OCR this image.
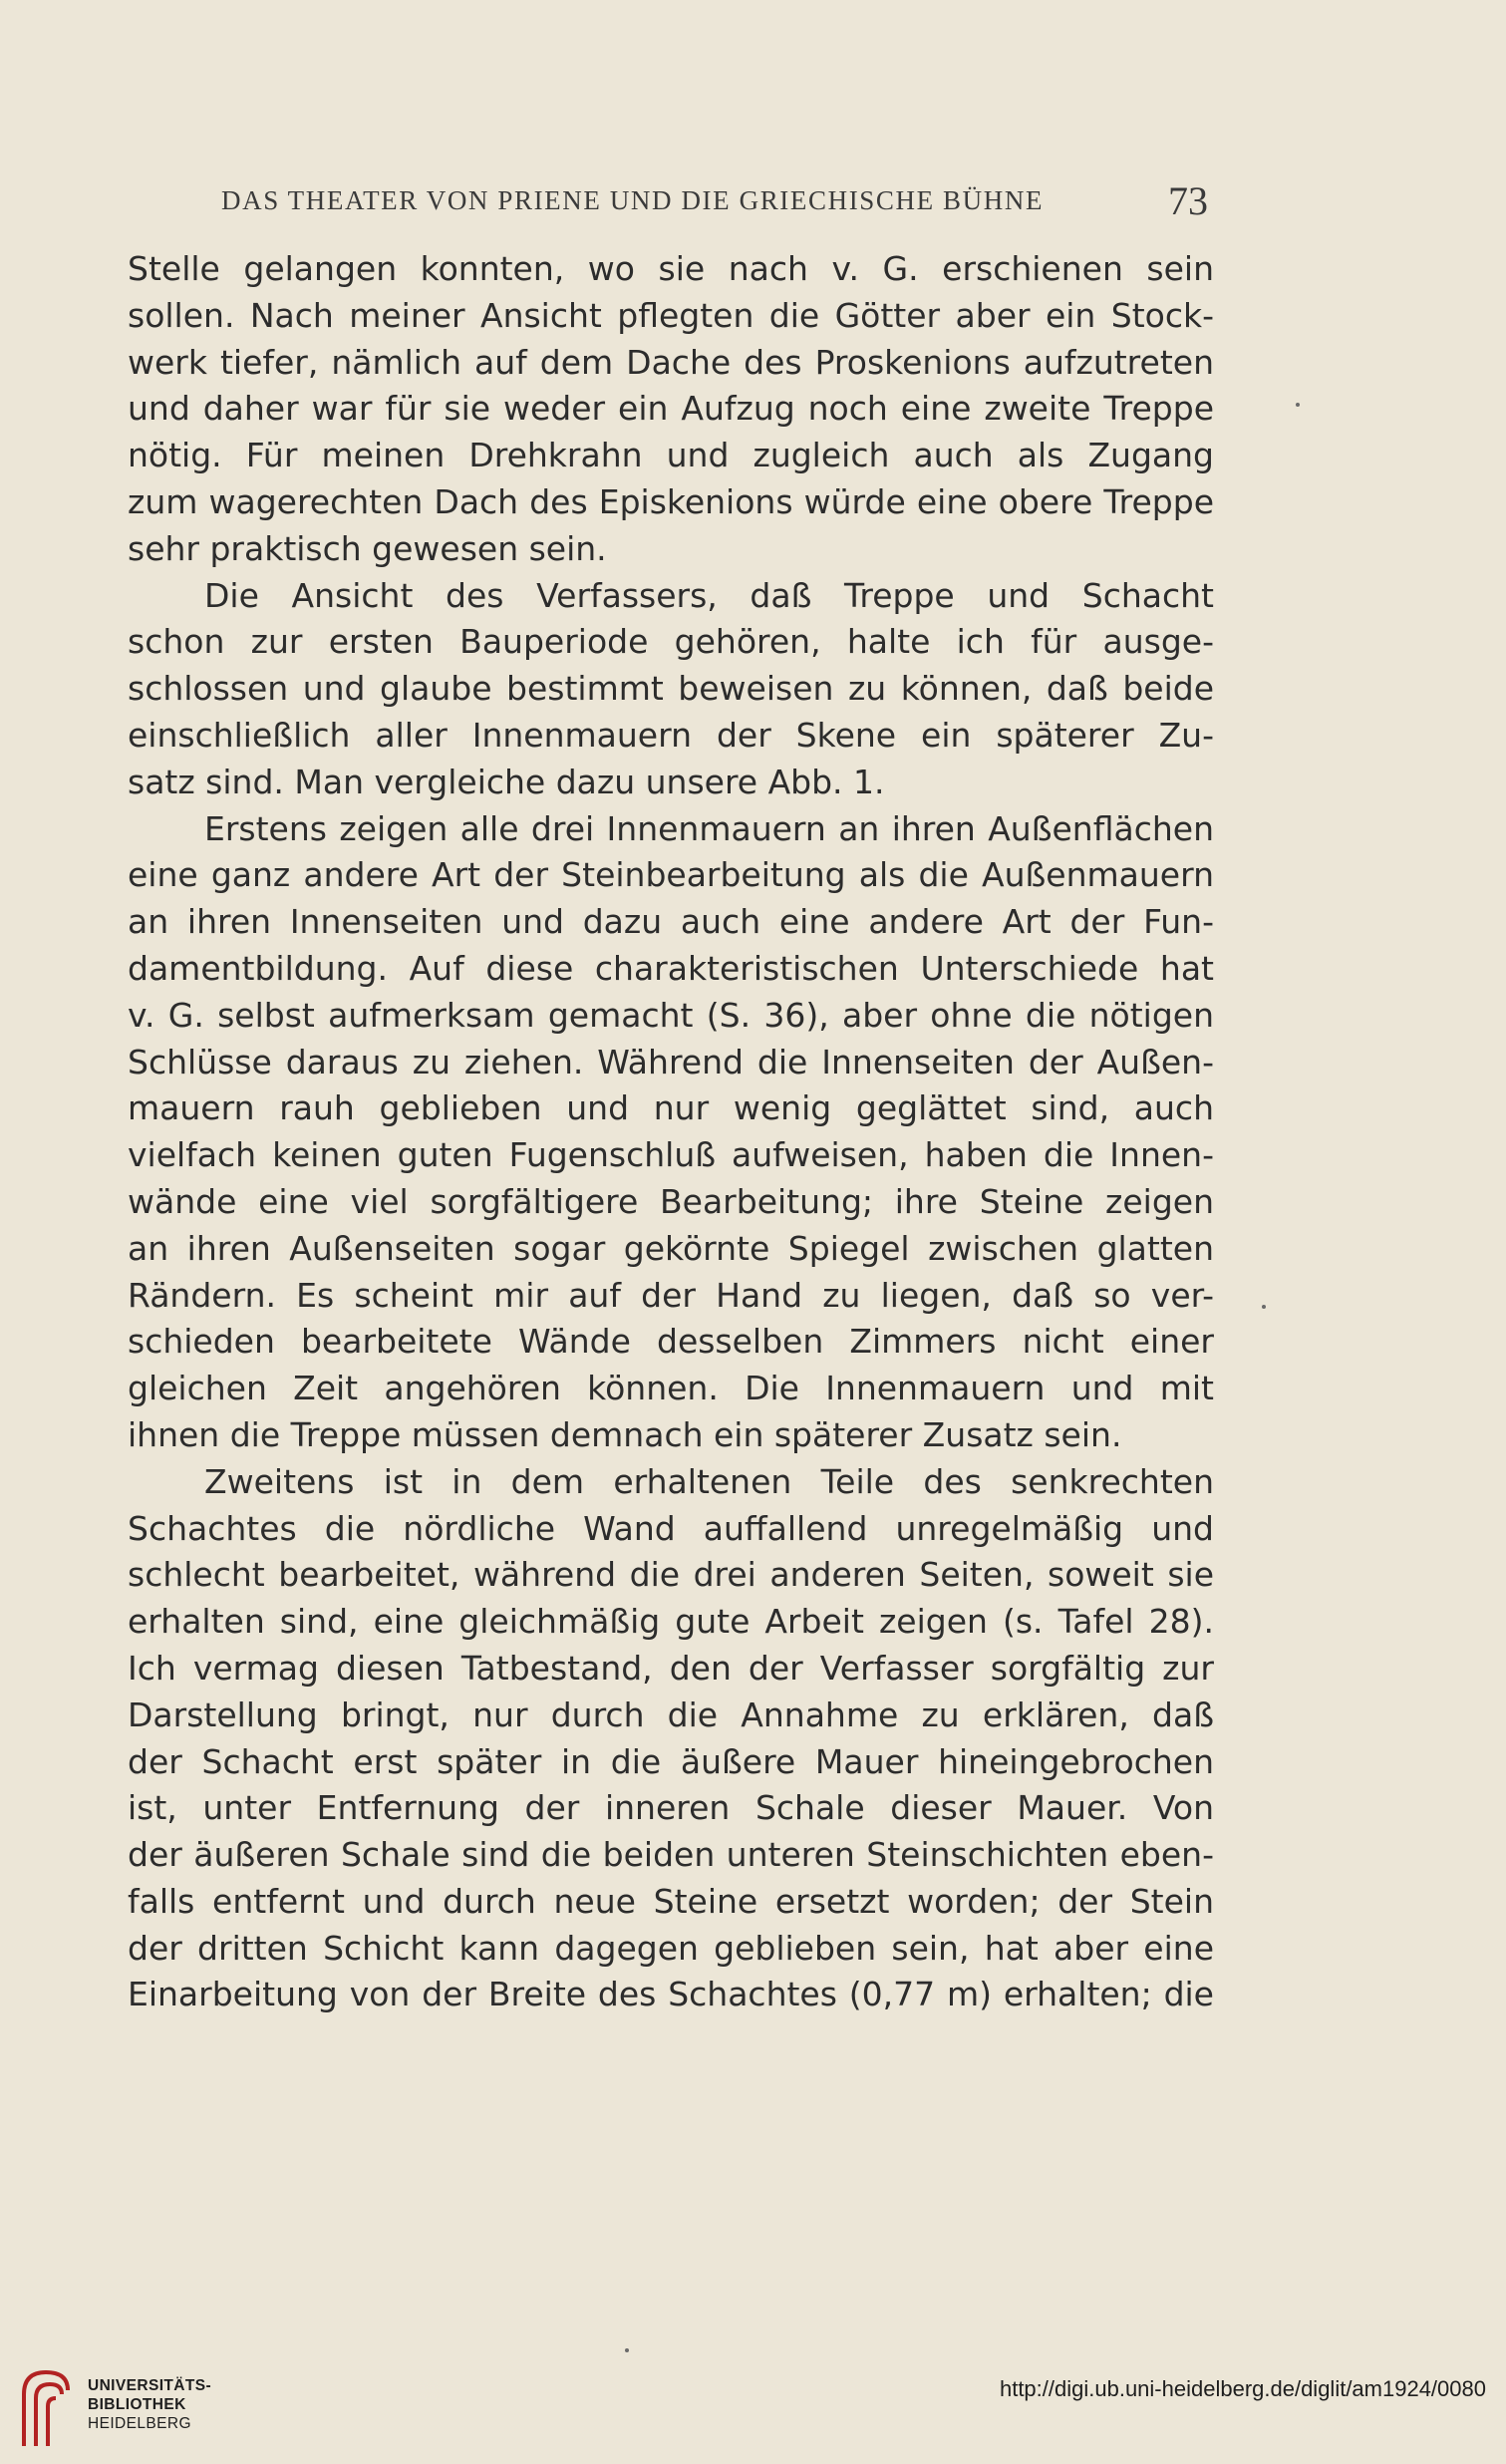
DAS THEATER VON PRIENE UND DIE GRIECHISCHE BÜHNE	73

Stelle gelangen konnten, wo sie nach v. G. erschienen sein

sollen. Nach meiner Ansicht pflegten die Götter aber ein Stock-

werk tiefer, nämlich auf dem Dache des Proskenions aufzutreten

und daher war für sie weder ein Aufzug noch eine zweite Treppe

nötig. Für meinen Drehkrahn und zugleich auch als Zugang

zum wagerechten Dach des Episkenions würde eine obere Treppe

sehr praktisch gewesen sein.

Die Ansicht des Verfassers, daß Treppe und Schacht

schon zur ersten Bauperiode gehören, halte ich für ausge-

schlossen und glaube bestimmt beweisen zu können, daß beide

einschließlich aller Innenmauern der Skene ein späterer Zu-

satz sind. Man vergleiche dazu unsere Abb. 1.

Erstens zeigen alle drei Innenmauern an ihren Außenflächen

eine ganz andere Art der Steinbearbeitung als die Außenmauern

an ihren Innenseiten und dazu auch eine andere Art der Fun-

damentbildung. Auf diese charakteristischen Unterschiede hat

v. G. selbst aufmerksam gemacht (S. 36), aber ohne die nötigen

Schlüsse daraus zu ziehen. Während die Innenseiten der Außen-

mauern rauh geblieben und nur wenig geglättet sind, auch

vielfach keinen guten Fugenschluß aufweisen, haben die Innen-

wände eine viel sorgfältigere Bearbeitung; ihre Steine zeigen

an ihren Außenseiten sogar gekörnte Spiegel zwischen glatten

Rändern. Es scheint mir auf der Hand zu liegen, daß so ver-

schieden bearbeitete Wände desselben Zimmers nicht einer

gleichen Zeit angehören können. Die Innenmauern und mit

ihnen die Treppe müssen demnach ein späterer Zusatz sein.

Zweitens ist in dem erhaltenen Teile des senkrechten

Schachtes die nördliche Wand auffallend unregelmäßig und

schlecht bearbeitet, während die drei anderen Seiten, soweit sie

erhalten sind, eine gleichmäßig gute Arbeit zeigen (s. Tafel 28).

Ich vermag diesen Tatbestand, den der Verfasser sorgfältig zur

Darstellung bringt, nur durch die Annahme zu erklären, daß

der Schacht erst später in die äußere Mauer hineingebrochen

ist, unter Entfernung der inneren Schale dieser Mauer. Von

der äußeren Schale sind die beiden unteren Steinschichten eben-

falls entfernt und durch neue Steine ersetzt worden; der Stein

der dritten Schicht kann dagegen geblieben sein, hat aber eine

Einarbeitung von der Breite des Schachtes (0,77 m) erhalten; die

UNIVERSITÄTS-
BIBLIOTHEK
HEIDELBERG
http://digi.ub.uni-heidelberg.de/diglit/am1924/0080
